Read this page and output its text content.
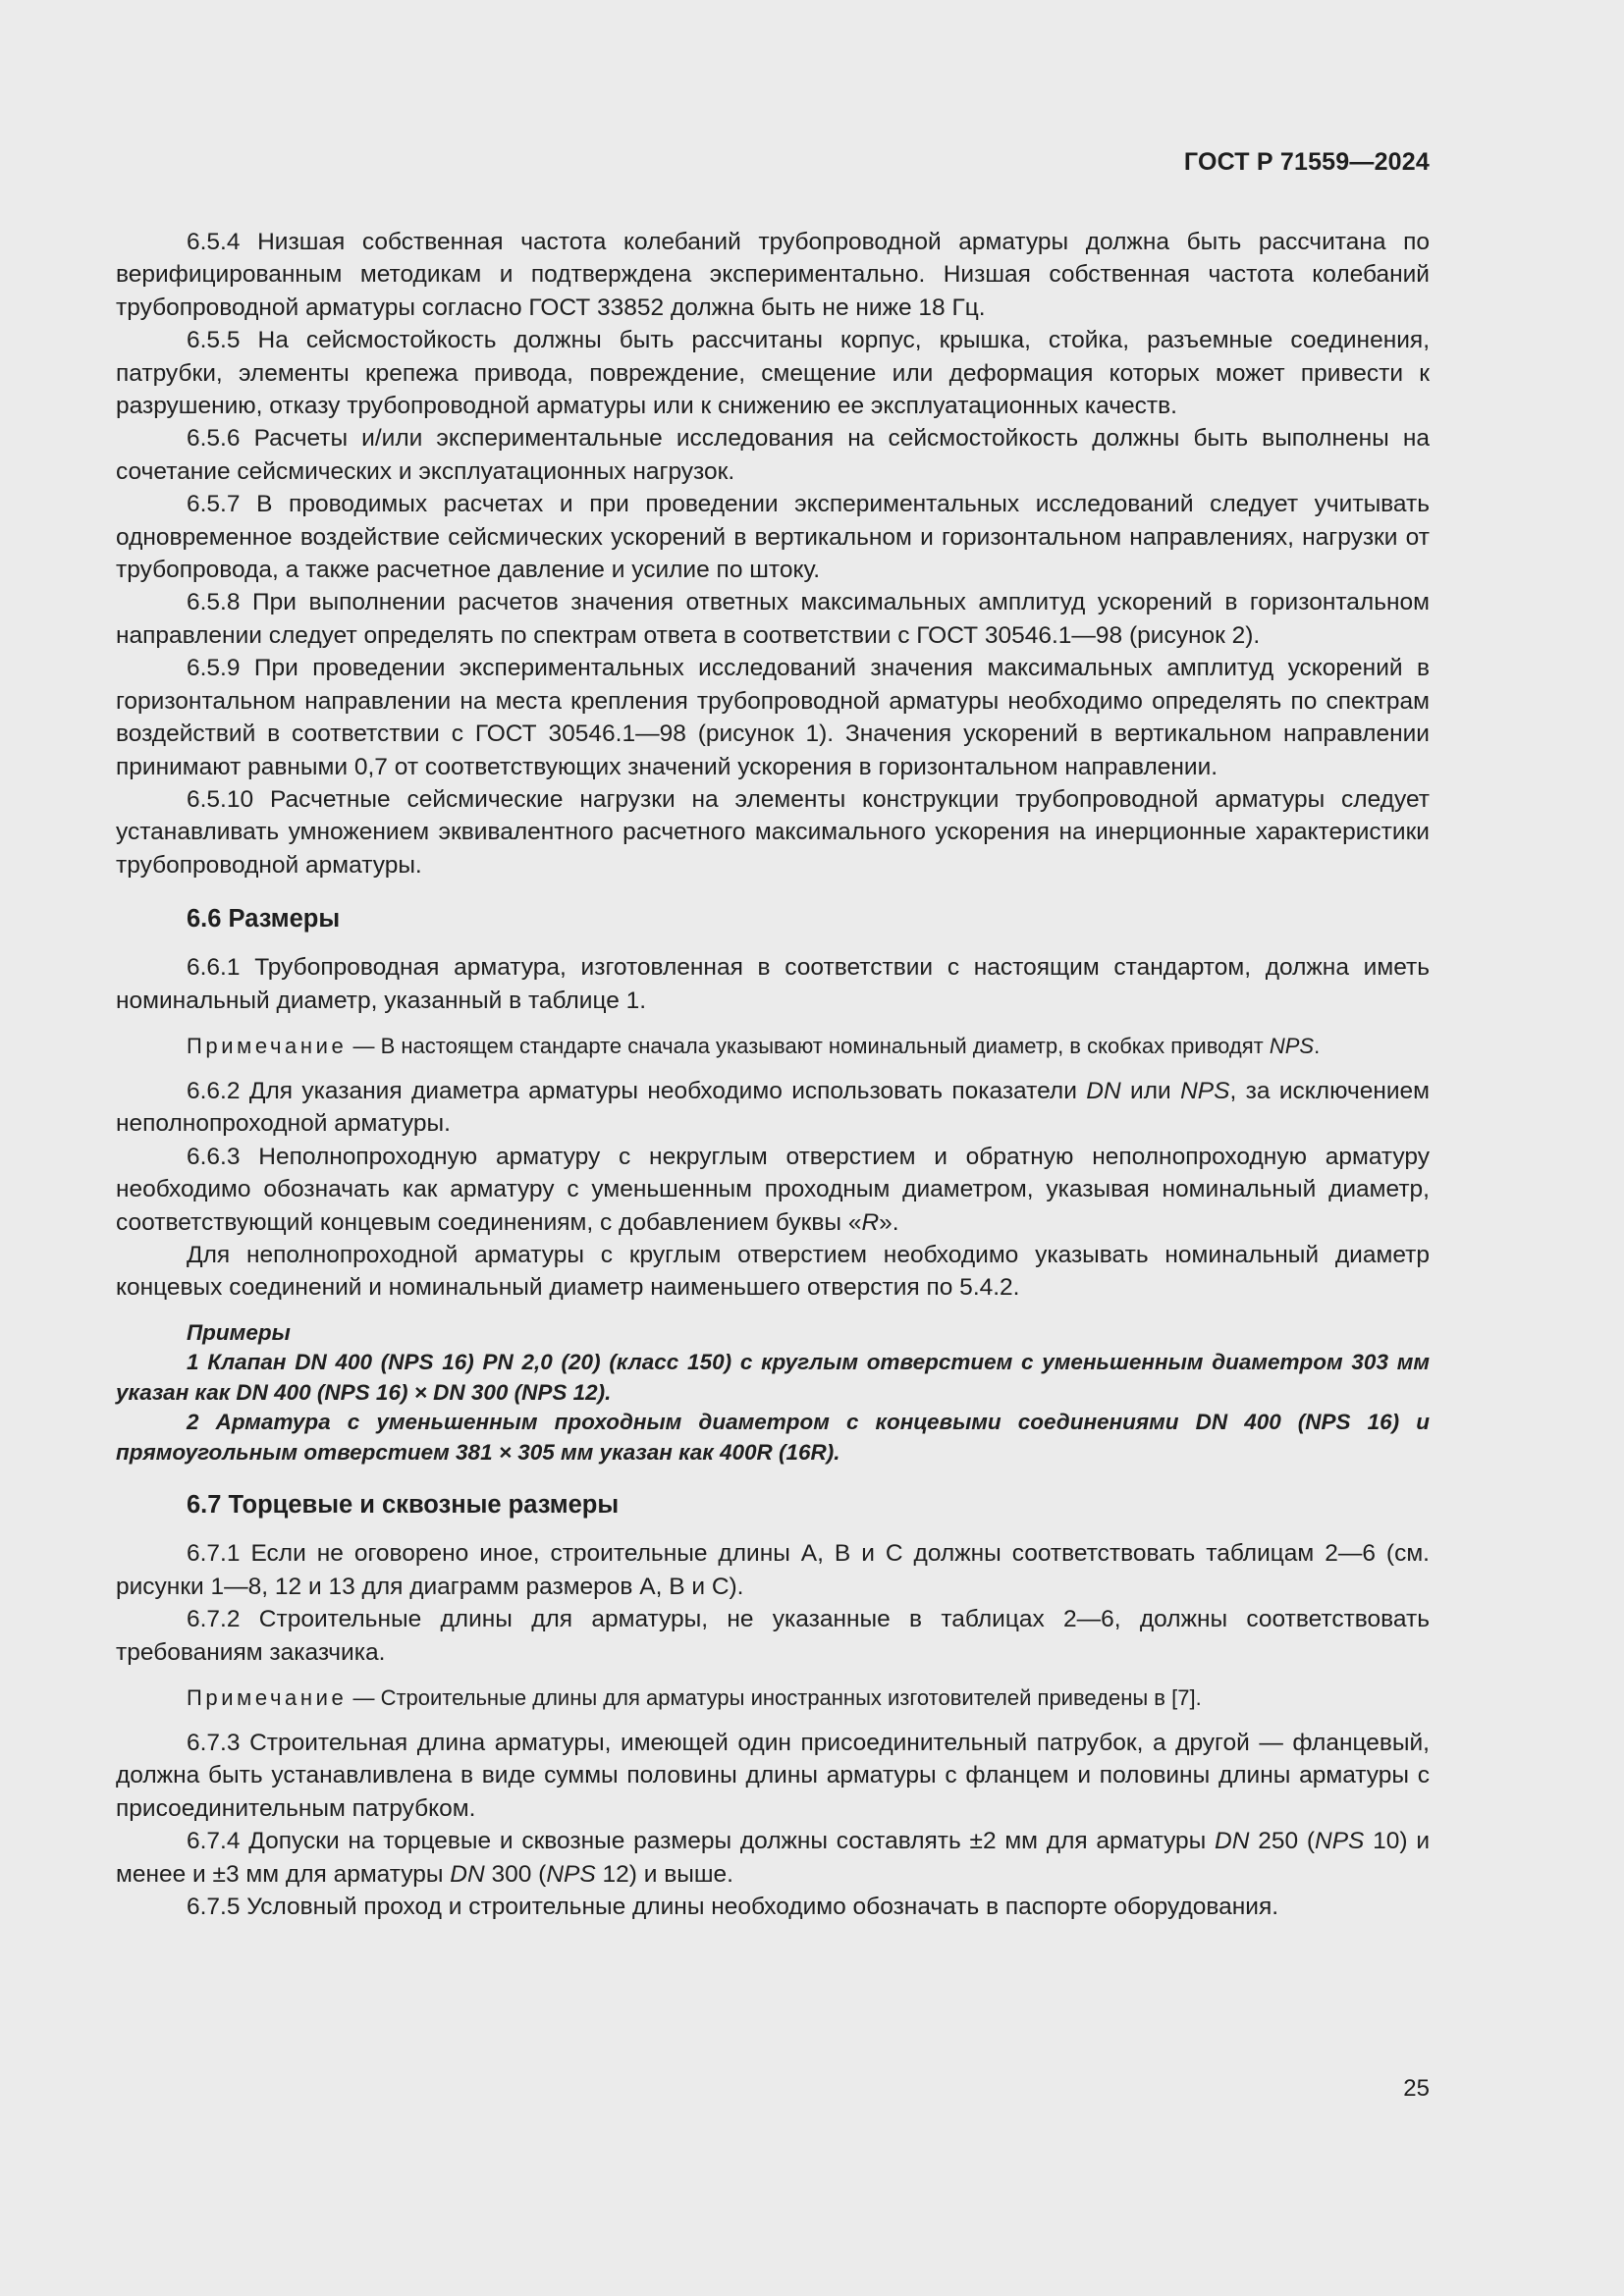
ГОСТ Р 71559—2024

6.5.4 Низшая собственная частота колебаний трубопроводной арматуры должна быть рассчитана по верифицированным методикам и подтверждена экспериментально. Низшая собственная частота колебаний трубопроводной арматуры согласно ГОСТ 33852 должна быть не ниже 18 Гц.

6.5.5 На сейсмостойкость должны быть рассчитаны корпус, крышка, стойка, разъемные соединения, патрубки, элементы крепежа привода, повреждение, смещение или деформация которых может привести к разрушению, отказу трубопроводной арматуры или к снижению ее эксплуатационных качеств.

6.5.6 Расчеты и/или экспериментальные исследования на сейсмостойкость должны быть выполнены на сочетание сейсмических и эксплуатационных нагрузок.

6.5.7 В проводимых расчетах и при проведении экспериментальных исследований следует учитывать одновременное воздействие сейсмических ускорений в вертикальном и горизонтальном направлениях, нагрузки от трубопровода, а также расчетное давление и усилие по штоку.

6.5.8 При выполнении расчетов значения ответных максимальных амплитуд ускорений в горизонтальном направлении следует определять по спектрам ответа в соответствии с ГОСТ 30546.1—98 (рисунок 2).

6.5.9 При проведении экспериментальных исследований значения максимальных амплитуд ускорений в горизонтальном направлении на места крепления трубопроводной арматуры необходимо определять по спектрам воздействий в соответствии с ГОСТ 30546.1—98 (рисунок 1). Значения ускорений в вертикальном направлении принимают равными 0,7 от соответствующих значений ускорения в горизонтальном направлении.

6.5.10 Расчетные сейсмические нагрузки на элементы конструкции трубопроводной арматуры следует устанавливать умножением эквивалентного расчетного максимального ускорения на инерционные характеристики трубопроводной арматуры.

6.6 Размеры

6.6.1 Трубопроводная арматура, изготовленная в соответствии с настоящим стандартом, должна иметь номинальный диаметр, указанный в таблице 1.

Примечание — В настоящем стандарте сначала указывают номинальный диаметр, в скобках приводят NPS.

6.6.2 Для указания диаметра арматуры необходимо использовать показатели DN или NPS, за исключением неполнопроходной арматуры.

6.6.3 Неполнопроходную арматуру с некруглым отверстием и обратную неполнопроходную арматуру необходимо обозначать как арматуру с уменьшенным проходным диаметром, указывая номинальный диаметр, соответствующий концевым соединениям, с добавлением буквы «R».

Для неполнопроходной арматуры с круглым отверстием необходимо указывать номинальный диаметр концевых соединений и номинальный диаметр наименьшего отверстия по 5.4.2.

Примеры

1 Клапан DN 400 (NPS 16) PN 2,0 (20) (класс 150) с круглым отверстием с уменьшенным диаметром 303 мм указан как DN 400 (NPS 16) × DN 300 (NPS 12).

2 Арматура с уменьшенным проходным диаметром с концевыми соединениями DN 400 (NPS 16) и прямоугольным отверстием 381 × 305 мм указан как 400R (16R).

6.7 Торцевые и сквозные размеры

6.7.1 Если не оговорено иное, строительные длины А, В и С должны соответствовать таблицам 2—6 (см. рисунки 1—8, 12 и 13 для диаграмм размеров А, В и С).

6.7.2 Строительные длины для арматуры, не указанные в таблицах 2—6, должны соответствовать требованиям заказчика.

Примечание — Строительные длины для арматуры иностранных изготовителей приведены в [7].

6.7.3 Строительная длина арматуры, имеющей один присоединительный патрубок, а другой — фланцевый, должна быть устанавливлена в виде суммы половины длины арматуры с фланцем и половины длины арматуры с присоединительным патрубком.

6.7.4 Допуски на торцевые и сквозные размеры должны составлять ±2 мм для арматуры DN 250 (NPS 10) и менее и ±3 мм для арматуры DN 300 (NPS 12) и выше.

6.7.5 Условный проход и строительные длины необходимо обозначать в паспорте оборудования.

25
